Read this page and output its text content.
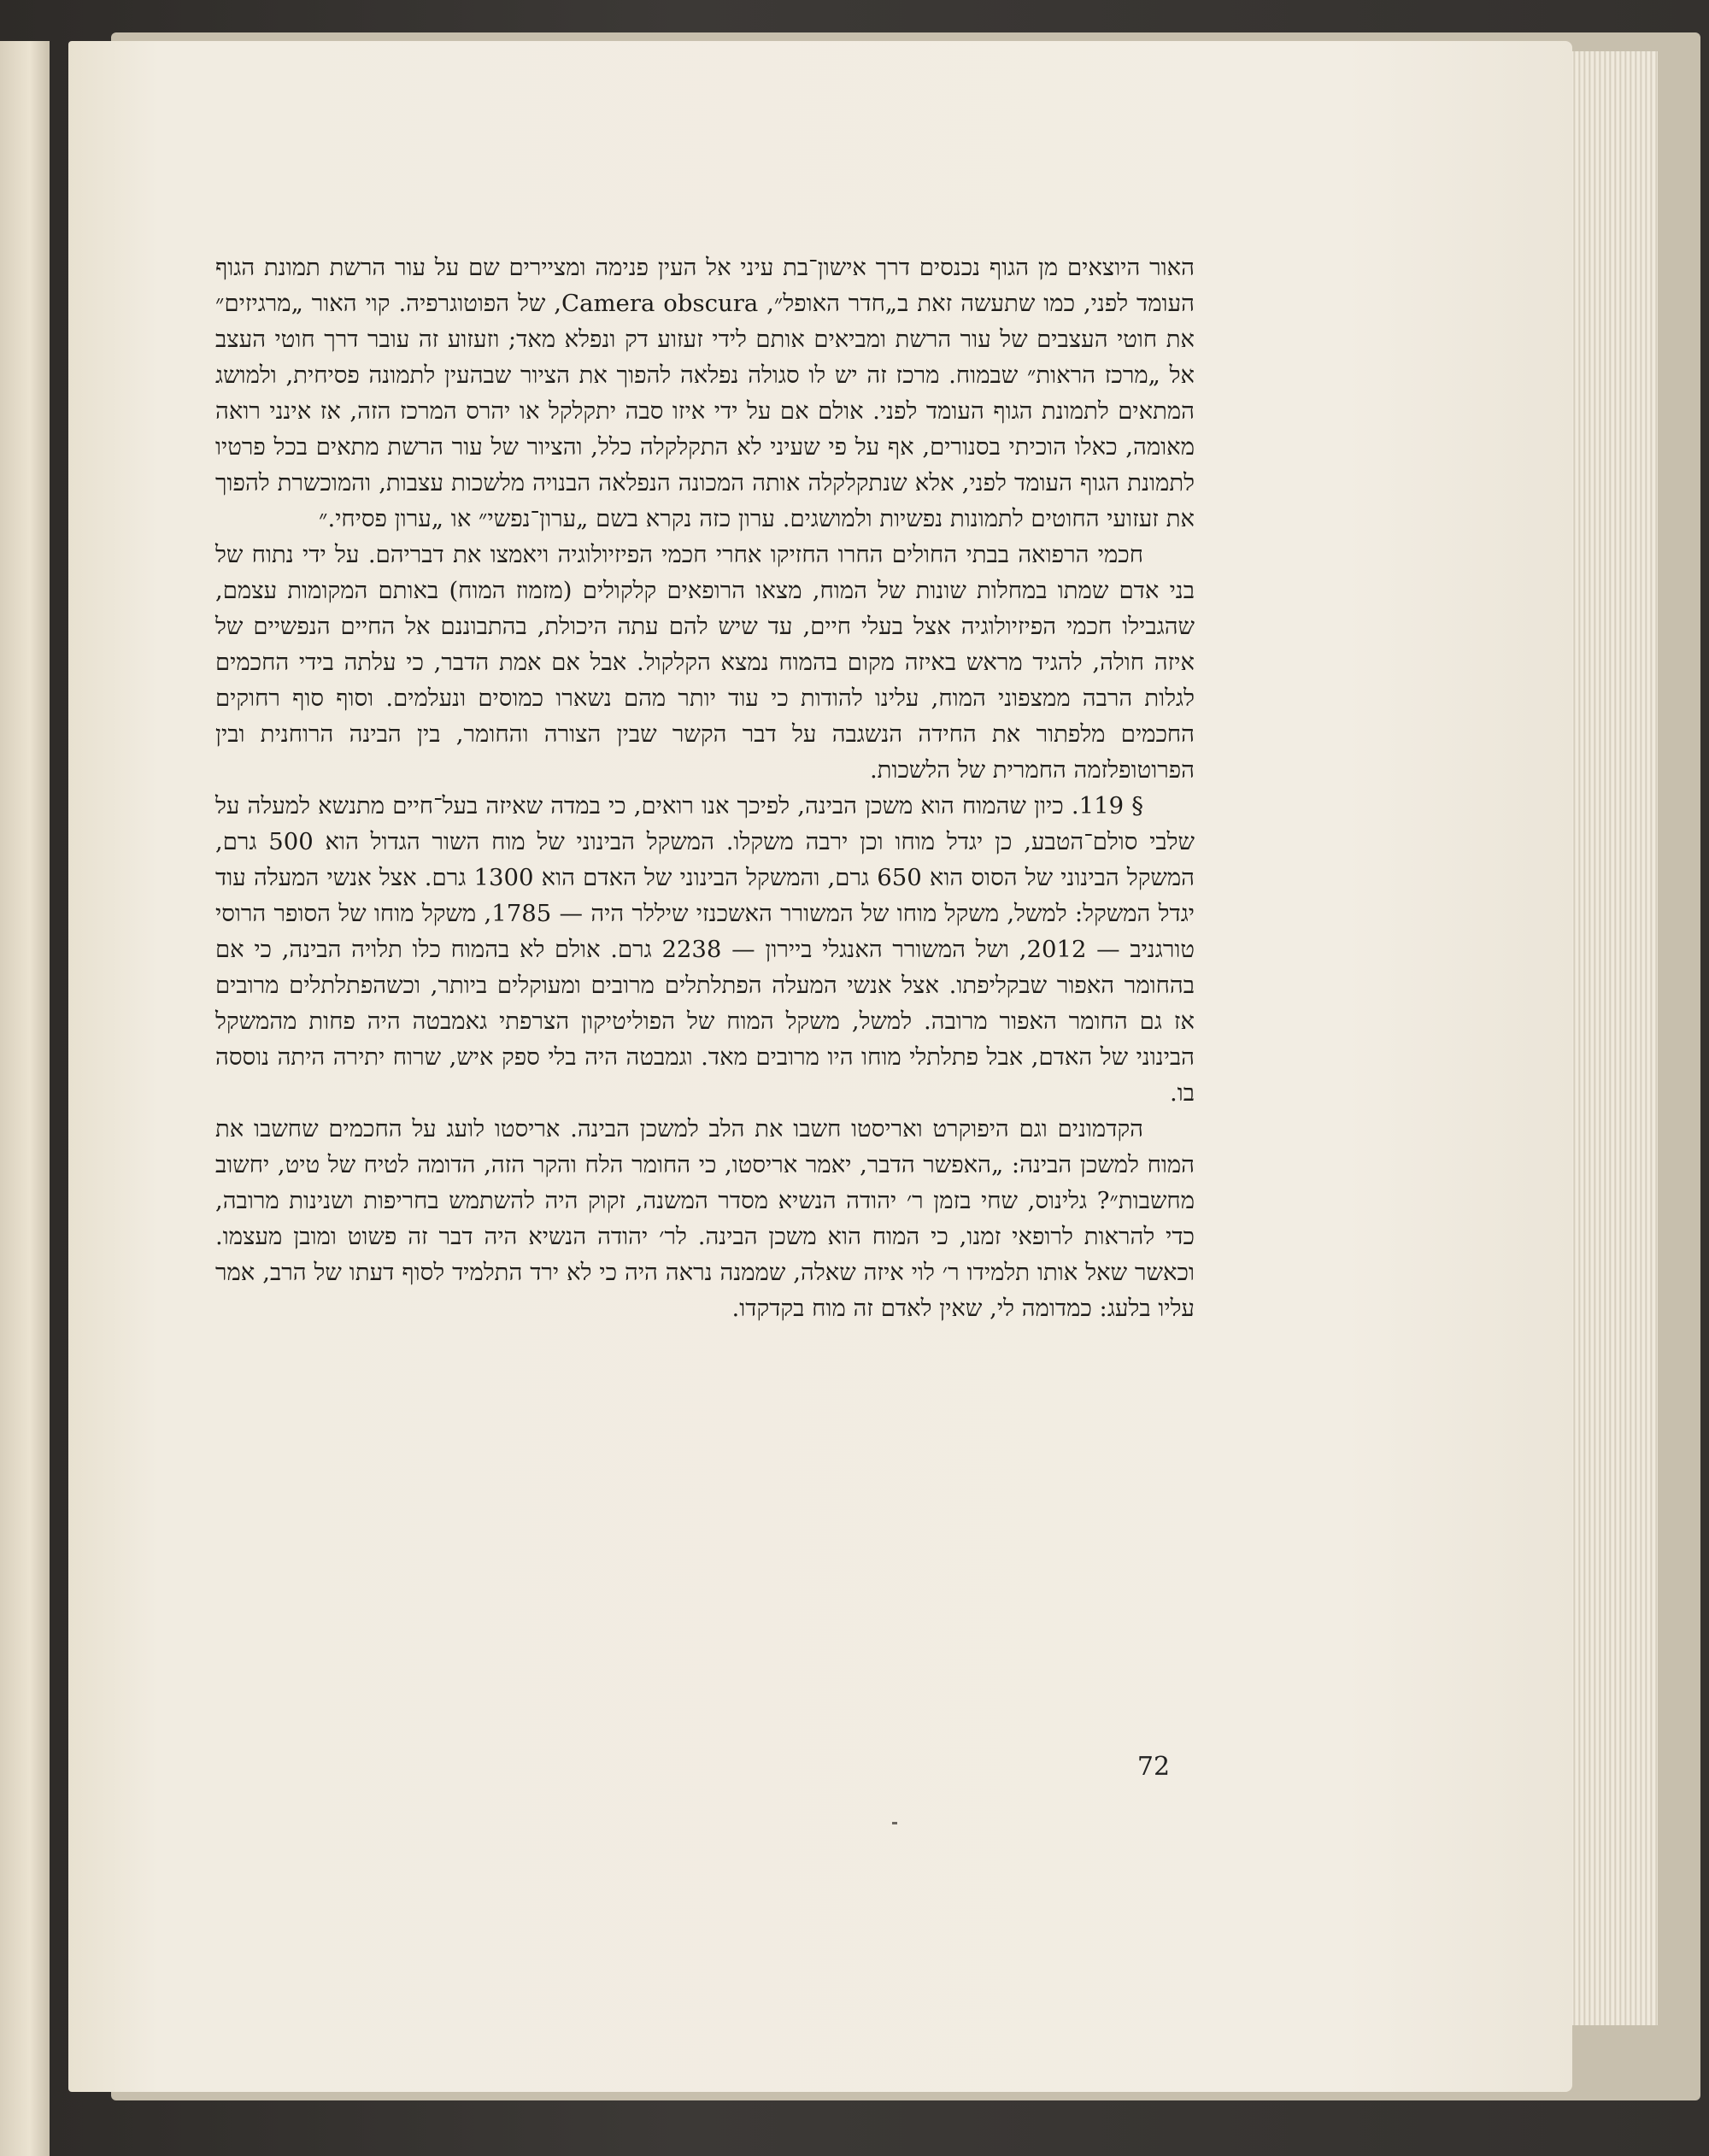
האור היוצאים מן הגוף נכנסים דרך אישון־בת עיני אל העין פנימה ומציירים שם על עור הרשת תמונת הגוף העומד לפני, כמו שתעשה זאת ב„חדר האופל״, Camera obscura, של הפוטוגרפיה. קוי האור „מרגיזים״ את חוטי העצבים של עור הרשת ומביאים אותם לידי זעזוע דק ונפלא מאד; וזעזוע זה עובר דרך חוטי העצב אל „מרכז הראות״ שבמוח. מרכז זה יש לו סגולה נפלאה להפוך את הציור שבהעין לתמונה פסיחית, ולמושג המתאים לתמונת הגוף העומד לפני. אולם אם על ידי איזו סבה יתקלקל או יהרס המרכז הזה, אז אינני רואה מאומה, כאלו הוכיתי בסנורים, אף על פי שעיני לא התקלקלה כלל, והציור של עור הרשת מתאים בכל פרטיו לתמונת הגוף העומד לפני, אלא שנתקלקלה אותה המכונה הנפלאה הבנויה מלשכות עצבות, והמוכשרת להפוך את זעזועי החוטים לתמונות נפשיות ולמושגים. ערון כזה נקרא בשם „ערון־נפשי״ או „ערון פסיחי.״

חכמי הרפואה בבתי החולים החרו החזיקו אחרי חכמי הפיזיולוגיה ויאמצו את דבריהם. על ידי נתוח של בני אדם שמתו במחלות שונות של המוח, מצאו הרופאים קלקולים (מזמוז המוח) באותם המקומות עצמם, שהגבילו חכמי הפיזיולוגיה אצל בעלי חיים, עד שיש להם עתה היכולת, בהתבוננם אל החיים הנפשיים של איזה חולה, להגיד מראש באיזה מקום בהמוח נמצא הקלקול. אבל אם אמת הדבר, כי עלתה בידי החכמים לגלות הרבה ממצפוני המוח, עלינו להודות כי עוד יותר מהם נשארו כמוסים ונעלמים. וסוף סוף רחוקים החכמים מלפתור את החידה הנשגבה על דבר הקשר שבין הצורה והחומר, בין הבינה הרוחנית ובין הפרוטופלזמה החמרית של הלשכות.

§ 119. כיון שהמוח הוא משכן הבינה, לפיכך אנו רואים, כי במדה שאיזה בעל־חיים מתנשא למעלה על שלבי סולם־הטבע, כן יגדל מוחו וכן ירבה משקלו. המשקל הבינוני של מוח השור הגדול הוא 500 גרם, המשקל הבינוני של הסוס הוא 650 גרם, והמשקל הבינוני של האדם הוא 1300 גרם. אצל אנשי המעלה עוד יגדל המשקל: למשל, משקל מוחו של המשורר האשכנזי שיללר היה — 1785, משקל מוחו של הסופר הרוסי טורגניב — 2012, ושל המשורר האנגלי ביירון — 2238 גרם. אולם לא בהמוח כלו תלויה הבינה, כי אם בהחומר האפור שבקליפתו. אצל אנשי המעלה הפתלתלים מרובים ומעוקלים ביותר, וכשהפתלתלים מרובים אז גם החומר האפור מרובה. למשל, משקל המוח של הפוליטיקון הצרפתי גאמבטה היה פחות מהמשקל הבינוני של האדם, אבל פתלתלי מוחו היו מרובים מאד. וגמבטה היה בלי ספק איש, שרוח יתירה היתה נוססה בו.

הקדמונים וגם היפוקרט ואריסטו חשבו את הלב למשכן הבינה. אריסטו לועג על החכמים שחשבו את המוח למשכן הבינה: „האפשר הדבר, יאמר אריסטו, כי החומר הלח והקר הזה, הדומה לטיח של טיט, יחשוב מחשבות״? גלינוס, שחי בזמן ר׳ יהודה הנשיא מסדר המשנה, זקוק היה להשתמש בחריפות ושנינות מרובה, כדי להראות לרופאי זמנו, כי המוח הוא משכן הבינה. לר׳ יהודה הנשיא היה דבר זה פשוט ומובן מעצמו. וכאשר שאל אותו תלמידו ר׳ לוי איזה שאלה, שממנה נראה היה כי לא ירד התלמיד לסוף דעתו של הרב, אמר עליו בלעג: כמדומה לי, שאין לאדם זה מוח בקדקדו.

72
